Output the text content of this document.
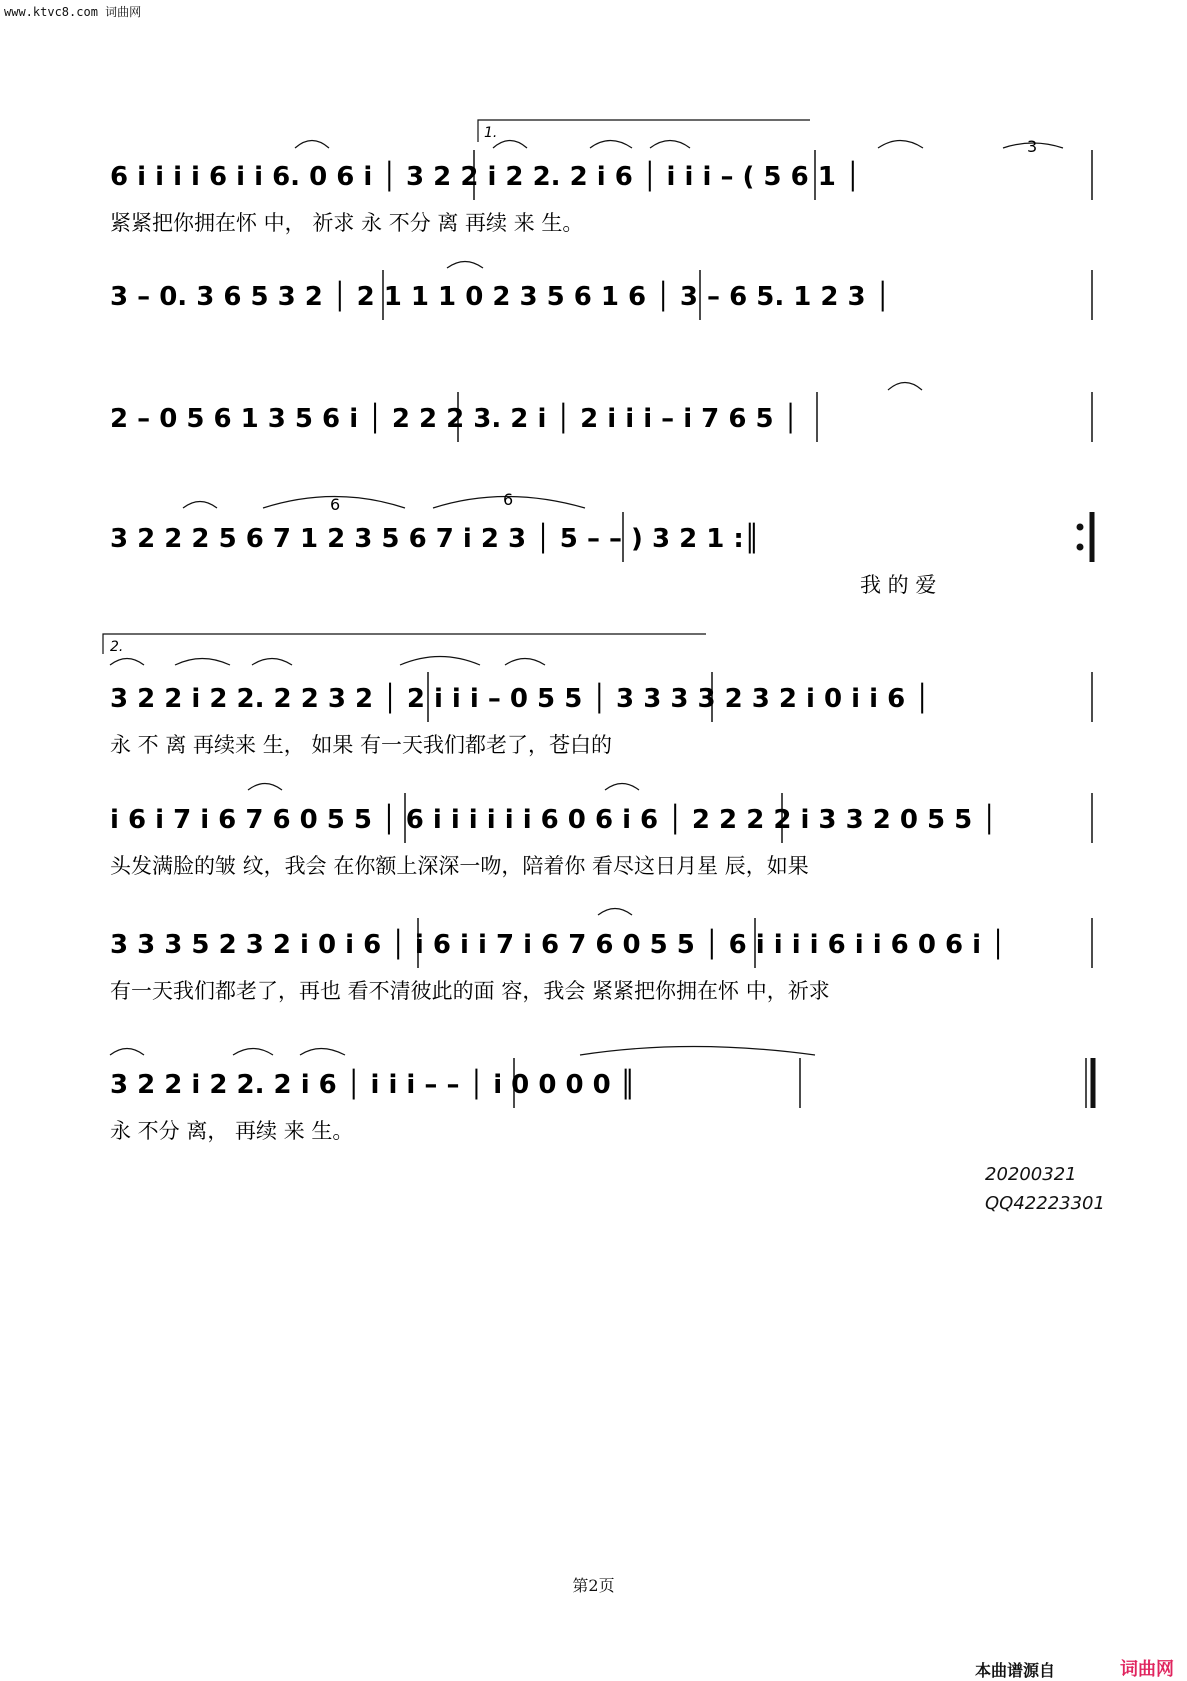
www.ktvc8.com 词曲网
1.
2.
6	6
3
6 i i i i 6 i i 6. 0 6 i │ 3 2 2 i 2 2. 2 i 6 │ i i i – ( 5 6 1 │
紧紧把你拥在怀 中， 祈求 永 不分 离 再续 来 生。
3 – 0. 3 6 5 3 2 │ 2 1 1 1 0 2 3 5 6 1 6 │ 3 – 6 5. 1 2 3 │
2 – 0 5 6 1 3 5 6 i │ 2 2 2 3. 2 i │ 2 i i i – i 7 6 5 │
3 2 2 2 5 6 7 1 2 3 5 6 7 i 2 3 │ 5 – – ) 3 2 1 :║
我 的 爱
3 2 2 i 2 2. 2 2 3 2 │ 2 i i i – 0 5 5 │ 3 3 3 3 2 3 2 i 0 i i 6 │
永 不 离 再续来 生， 如果 有一天我们都老了，苍白的
i 6 i 7 i 6 7 6 0 5 5 │ 6 i i i i i i 6 0 6 i 6 │ 2 2 2 2 i 3 3 2 0 5 5 │
头发满脸的皱 纹，我会 在你额上深深一吻，陪着你 看尽这日月星 辰，如果
3 3 3 5 2 3 2 i 0 i 6 │ i 6 i i 7 i 6 7 6 0 5 5 │ 6 i i i i 6 i i 6 0 6 i │
有一天我们都老了，再也 看不清彼此的面 容，我会 紧紧把你拥在怀 中，祈求
3 2 2 i 2 2. 2 i 6 │ i i i – – │ i 0 0 0 0 ║
永 不分 离， 再续 来 生。
20200321
QQ42223301
第2页
本曲谱源自	词曲网
